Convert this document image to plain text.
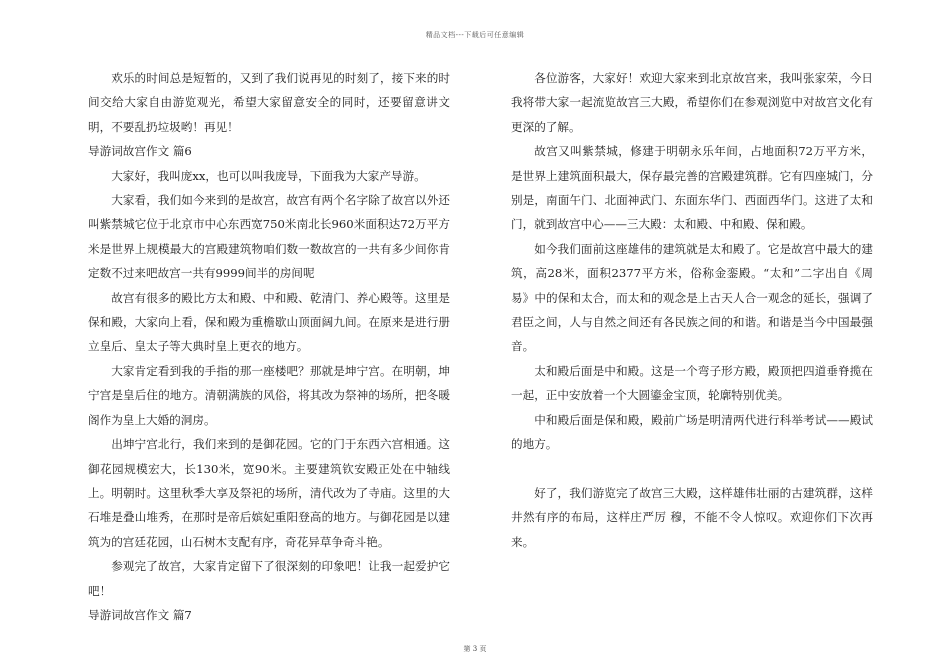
精品文档---下载后可任意编辑

欢乐的时间总是短暂的，又到了我们说再见的时刻了，接下来的时间交给大家自由游览观光，希望大家留意安全的同时，还要留意讲文明，不要乱扔垃圾哟！再见！

导游词故宫作文 篇6

大家好，我叫庞xx，也可以叫我庞导，下面我为大家产导游。

大家看，我们如今来到的是故宫，故宫有两个名字除了故宫以外还叫紫禁城它位于北京市中心东西宽750米南北长960米面积达72万平方米是世界上规模最大的宫殿建筑物咱们数一数故宫的一共有多少间你肯定数不过来吧故宫一共有9999间半的房间呢

故宫有很多的殿比方太和殿、中和殿、乾清门、养心殿等。这里是保和殿，大家向上看，保和殿为重檐歇山顶面阔九间。在原来是进行册立皇后、皇太子等大典时皇上更衣的地方。

大家肯定看到我的手指的那一座楼吧？那就是坤宁宫。在明朝，坤宁宫是皇后住的地方。清朝满族的风俗，将其改为祭神的场所，把冬暖阁作为皇上大婚的洞房。

出坤宁宫北行，我们来到的是御花园。它的门于东西六宫相通。这御花园规模宏大，长130米，宽90米。主要建筑钦安殿正处在中轴线上。明朝时。这里秋季大享及祭祀的场所，清代改为了寺庙。这里的大石堆是叠山堆秀，在那时是帝后嫔妃重阳登高的地方。与御花园是以建筑为的宫廷花园，山石树木支配有序，奇花异草争奇斗艳。

参观完了故宫，大家肯定留下了很深刻的印象吧！让我一起爱护它吧！

导游词故宫作文 篇7

各位游客，大家好！欢迎大家来到北京故宫来，我叫张家荣，今日我将带大家一起流览故宫三大殿，希望你们在参观浏览中对故宫文化有更深的了解。

故宫又叫紫禁城，修建于明朝永乐年间，占地面积72万平方米，是世界上建筑面积最大，保存最完善的宫殿建筑群。它有四座城门，分别是，南面午门、北面神武门、东面东华门、西面西华门。这进了太和门，就到故宫中心——三大殿：太和殿、中和殿、保和殿。

如今我们面前这座雄伟的建筑就是太和殿了。它是故宫中最大的建筑，高28米，面积2377平方米，俗称金銮殿。“太和”二字出自《周易》中的保和太合，而太和的观念是上古天人合一观念的延长，强调了君臣之间，人与自然之间还有各民族之间的和谐。和谐是当今中国最强音。

太和殿后面是中和殿。这是一个弯子形方殿，殿顶把四道垂脊揽在一起，正中安放着一个大圆鎏金宝顶，轮廓特别优美。

中和殿后面是保和殿，殿前广场是明清两代进行科举考试——殿试的地方。

好了，我们游览完了故宫三大殿，这样雄伟壮丽的古建筑群，这样井然有序的布局，这样庄严厉 穆，不能不令人惊叹。欢迎你们下次再来。

第 3 页
